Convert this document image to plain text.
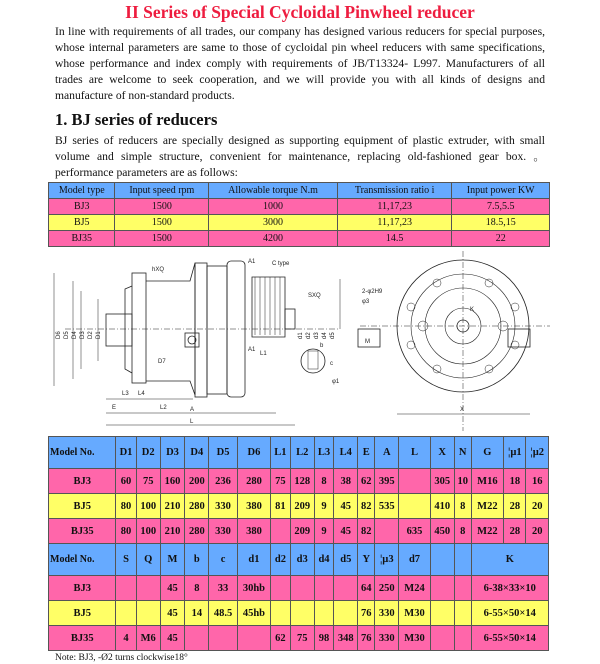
II Series of Special Cycloidal Pinwheel reducer
In line with requirements of all trades, our company has designed various reducers for special purposes, whose internal parameters are same to those of cycloidal pin wheel reducers with same specifications, whose performance and index comply with requirements of JB/T13324- L997. Manufacturers of all trades are welcome to seek cooperation, and we will provide you with all kinds of designs and manufacture of non-standard products.
1. BJ series of reducers
BJ series of reducers are specially designed as supporting equipment of plastic extruder, with small volume and simple structure, convenient for maintenance, replacing old-fashioned gear box. 。performance parameters are as follows:
Model type	Input speed rpm	Allowable torque N.m	Transmission ratio i	Input power KW
BJ3	1500	1000	11,17,23	7.5,5.5
BJ5	1500	3000	11,17,23	18.5,15
BJ35	1500	4200	14.5	22
C type
A1
A1
SXQ
hXQ
D7
L1
L3 L4
E	L2	A
L
b
c
φ1
2-φ2H9
φ3
K
M
X
D6 D5 D4 D3 D2 D1	d1 d2 d3 d4 d5
Model No.	D1	D2	D3	D4	D5	D6	L1	L2	L3	L4	E	A	L	X	N	G	¦µ1	¦µ2
BJ3	60	75	160	200	236	280	75	128	8	38	62	395		305	10	M16	18	16
BJ5	80	100	210	280	330	380	81	209	9	45	82	535		410	8	M22	28	20
BJ35	80	100	210	280	330	380		209	9	45	82		635	450	8	M22	28	20
Model No.	S	Q	M	b	c	d1	d2	d3	d4	d5	Y	¦µ3	d7			K		
BJ3			45	8	33	30hb					64	250	M24			6-38×33×10		
BJ5			45	14	48.5	45hb					76	330	M30			6-55×50×14		
BJ35	4	M6	45				62	75	98	348	76	330	M30			6-55×50×14		
Note: BJ3, -Ø2 turns clockwise18°
